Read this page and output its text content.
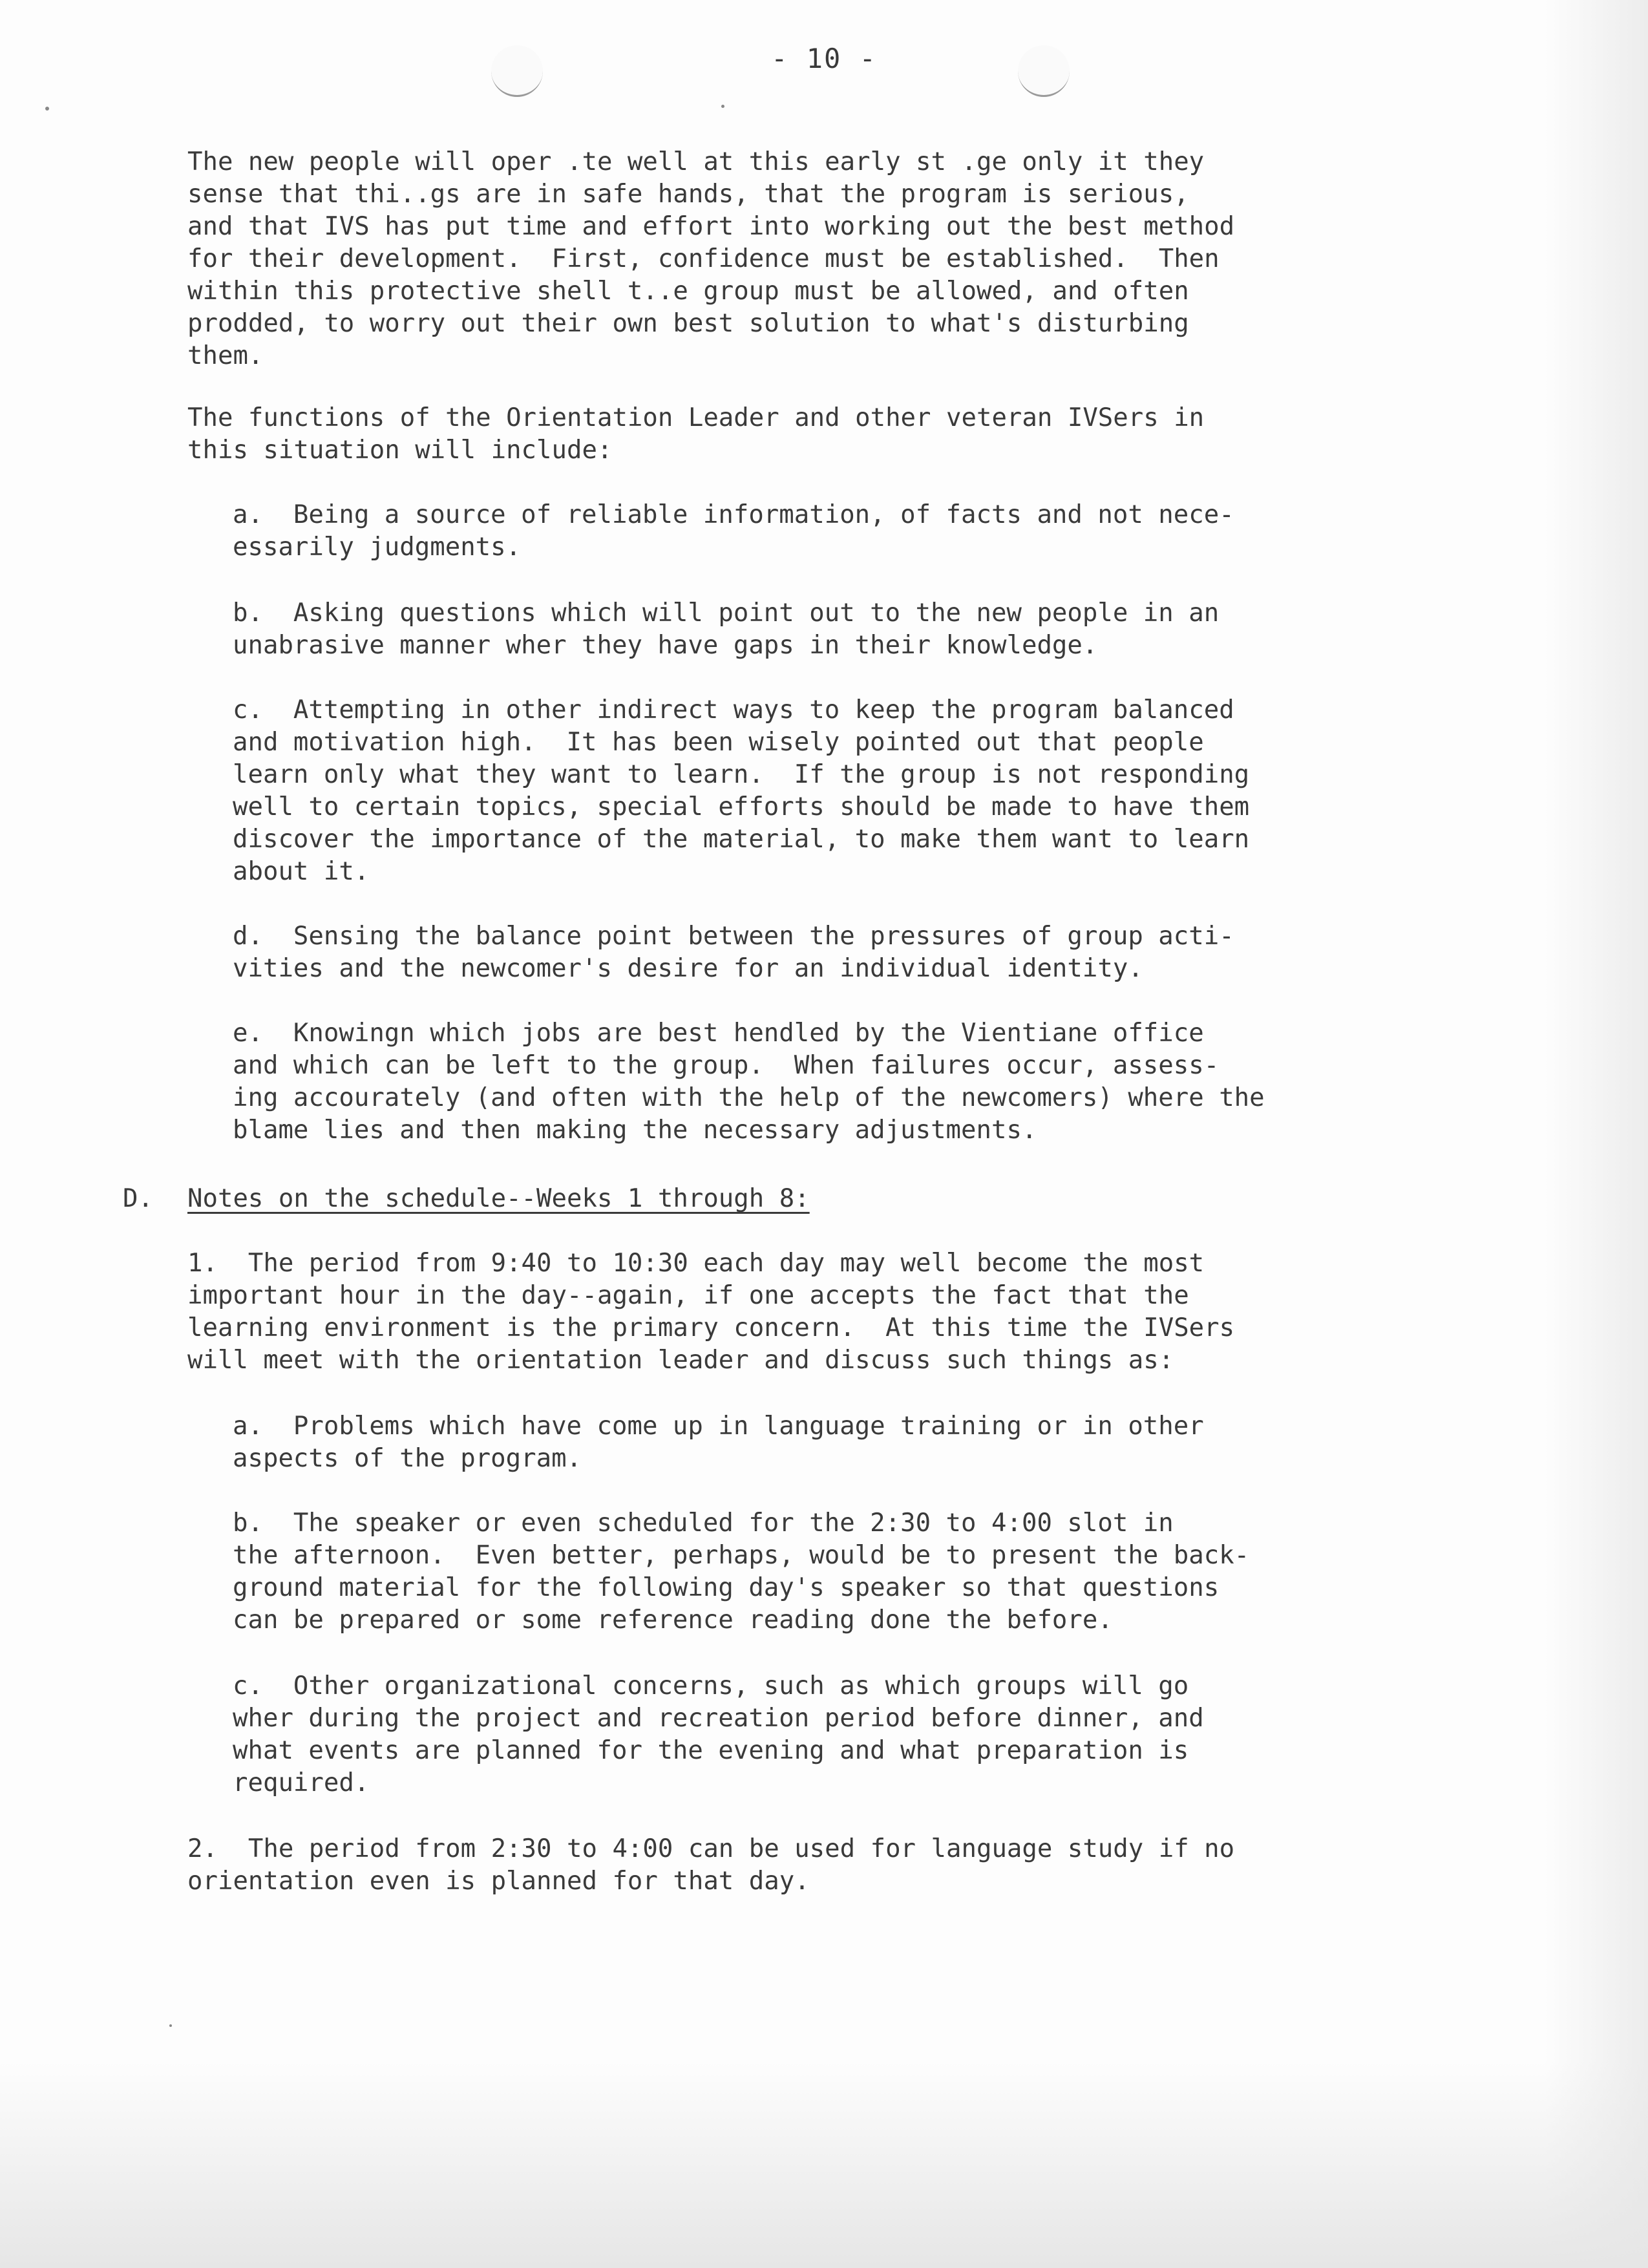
- 10 -
The new people will oper .te well at this early st .ge only it they
sense that thi..gs are in safe hands, that the program is serious,
and that IVS has put time and effort into working out the best method
for their development.  First, confidence must be established.  Then
within this protective shell t..e group must be allowed, and often
prodded, to worry out their own best solution to what's disturbing
them.
The functions of the Orientation Leader and other veteran IVSers in
this situation will include:
a.  Being a source of reliable information, of facts and not nece-
essarily judgments.
b.  Asking questions which will point out to the new people in an
unabrasive manner wher they have gaps in their knowledge.
c.  Attempting in other indirect ways to keep the program balanced
and motivation high.  It has been wisely pointed out that people
learn only what they want to learn.  If the group is not responding
well to certain topics, special efforts should be made to have them
discover the importance of the material, to make them want to learn
about it.
d.  Sensing the balance point between the pressures of group acti-
vities and the newcomer's desire for an individual identity.
e.  Knowingn which jobs are best hendled by the Vientiane office
and which can be left to the group.  When failures occur, assess-
ing accourately (and often with the help of the newcomers) where the
blame lies and then making the necessary adjustments.
D. Notes on the schedule--Weeks 1 through 8:
1.  The period from 9:40 to 10:30 each day may well become the most
important hour in the day--again, if one accepts the fact that the
learning environment is the primary concern.  At this time the IVSers
will meet with the orientation leader and discuss such things as:
a.  Problems which have come up in language training or in other
aspects of the program.
b.  The speaker or even scheduled for the 2:30 to 4:00 slot in
the afternoon.  Even better, perhaps, would be to present the back-
ground material for the following day's speaker so that questions
can be prepared or some reference reading done the before.
c.  Other organizational concerns, such as which groups will go
wher during the project and recreation period before dinner, and
what events are planned for the evening and what preparation is
required.
2.  The period from 2:30 to 4:00 can be used for language study if no
orientation even is planned for that day.
